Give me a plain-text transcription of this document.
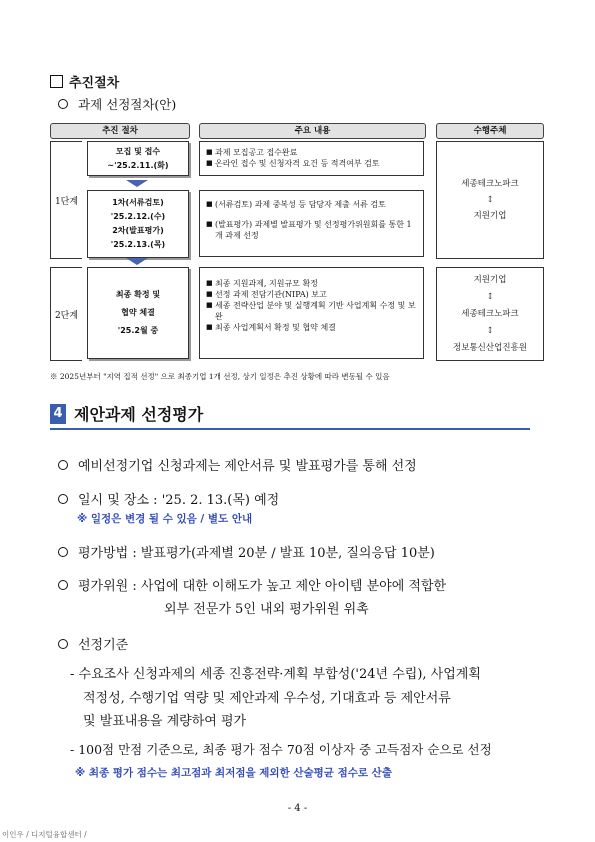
추진절차
과제 선정절차(안)
추진 절차	주요 내용	수행주체
1단계
모집 및 접수
~'25.2.11.(화)
1차(서류검토)
'25.2.12.(수)
2차(발표평가)
'25.2.13.(목)
■ 과제 모집공고 접수완료
■ 온라인 접수 및 신청자격 요건 등 적격여부 검토
■ (서류검토) 과제 중복성 등 담당자 제출 서류 검토
■ (발표평가) 과제별 발표평가 및 선정평가위원회를 통한 1개 과제 선정
세종테크노파크
↕
지원기업
2단계
최종 확정 및
협약 체결
'25.2월 중
■ 최종 지원과제, 지원규모 확정
■ 선정 과제 전담기관(NIPA) 보고
■ 세종 전략산업 분야 및 실행계획 기반 사업계획 수정 및 보완
■ 최종 사업계획서 확정 및 협약 체결
지원기업
↕
세종테크노파크
↕
정보통신산업진흥원
※ 2025년부터 "지역 집적 선정" 으로 최종기업 1개 선정, 상기 일정은 추진 상황에 따라 변동될 수 있음
4 제안과제 선정평가
예비선정기업 신청과제는 제안서류 및 발표평가를 통해 선정
일시 및 장소 : '25. 2. 13.(목) 예정
※ 일정은 변경 될 수 있음 / 별도 안내
평가방법 : 발표평가(과제별 20분 / 발표 10분, 질의응답 10분)
평가위원 : 사업에 대한 이해도가 높고 제안 아이템 분야에 적합한
외부 전문가 5인 내외 평가위원 위촉
선정기준
- 수요조사 신청과제의 세종 진흥전략·계획 부합성('24년 수립), 사업계획
적정성, 수행기업 역량 및 제안과제 우수성, 기대효과 등 제안서류
및 발표내용을 계량하여 평가
- 100점 만점 기준으로, 최종 평가 점수 70점 이상자 중 고득점자 순으로 선정
※ 최종 평가 점수는 최고점과 최저점을 제외한 산술평균 점수로 산출
- 4 -
이인우 / 디지털융합센터 /
